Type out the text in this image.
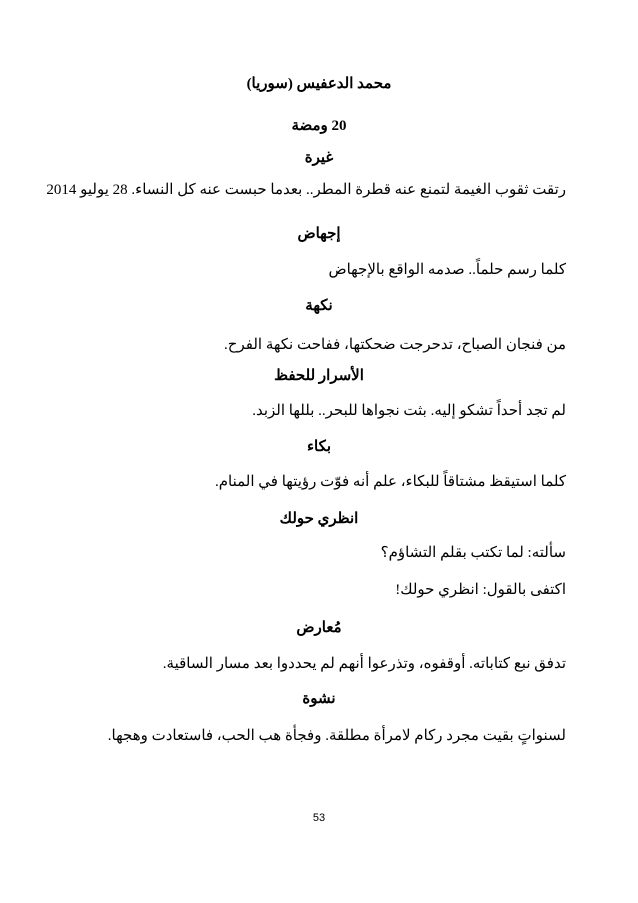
محمد الدعفيس (سوريا)
20 ومضة
غيرة
رتقت ثقوب الغيمة لتمنع عنه قطرة المطر.. بعدما حبست عنه كل النساء. 28 يوليو 2014
إجهاض
كلما رسم حلماً.. صدمه الواقع بالإجهاض
نكهة
من فنجان الصباح، تدحرجت ضحكتها، ففاحت نكهة الفرح.
الأسرار للحفظ
لم تجد أحداً تشكو إليه. بثت نجواها للبحر.. بللها الزبد.
بكاء
كلما استيقظ مشتاقاً للبكاء، علم أنه فوّت رؤيتها في المنام.
انظري حولك
سألته: لما تكتب بقلم التشاؤم؟
اكتفى بالقول: انظري حولك!
مُعارض
تدفق نبع كتاباته. أوقفوه، وتذرعوا أنهم لم يحددوا بعد مسار الساقية.
نشوة
لسنواتٍ بقيت مجرد ركام لامرأة مطلقة. وفجأة هب الحب، فاستعادت وهجها.
53
